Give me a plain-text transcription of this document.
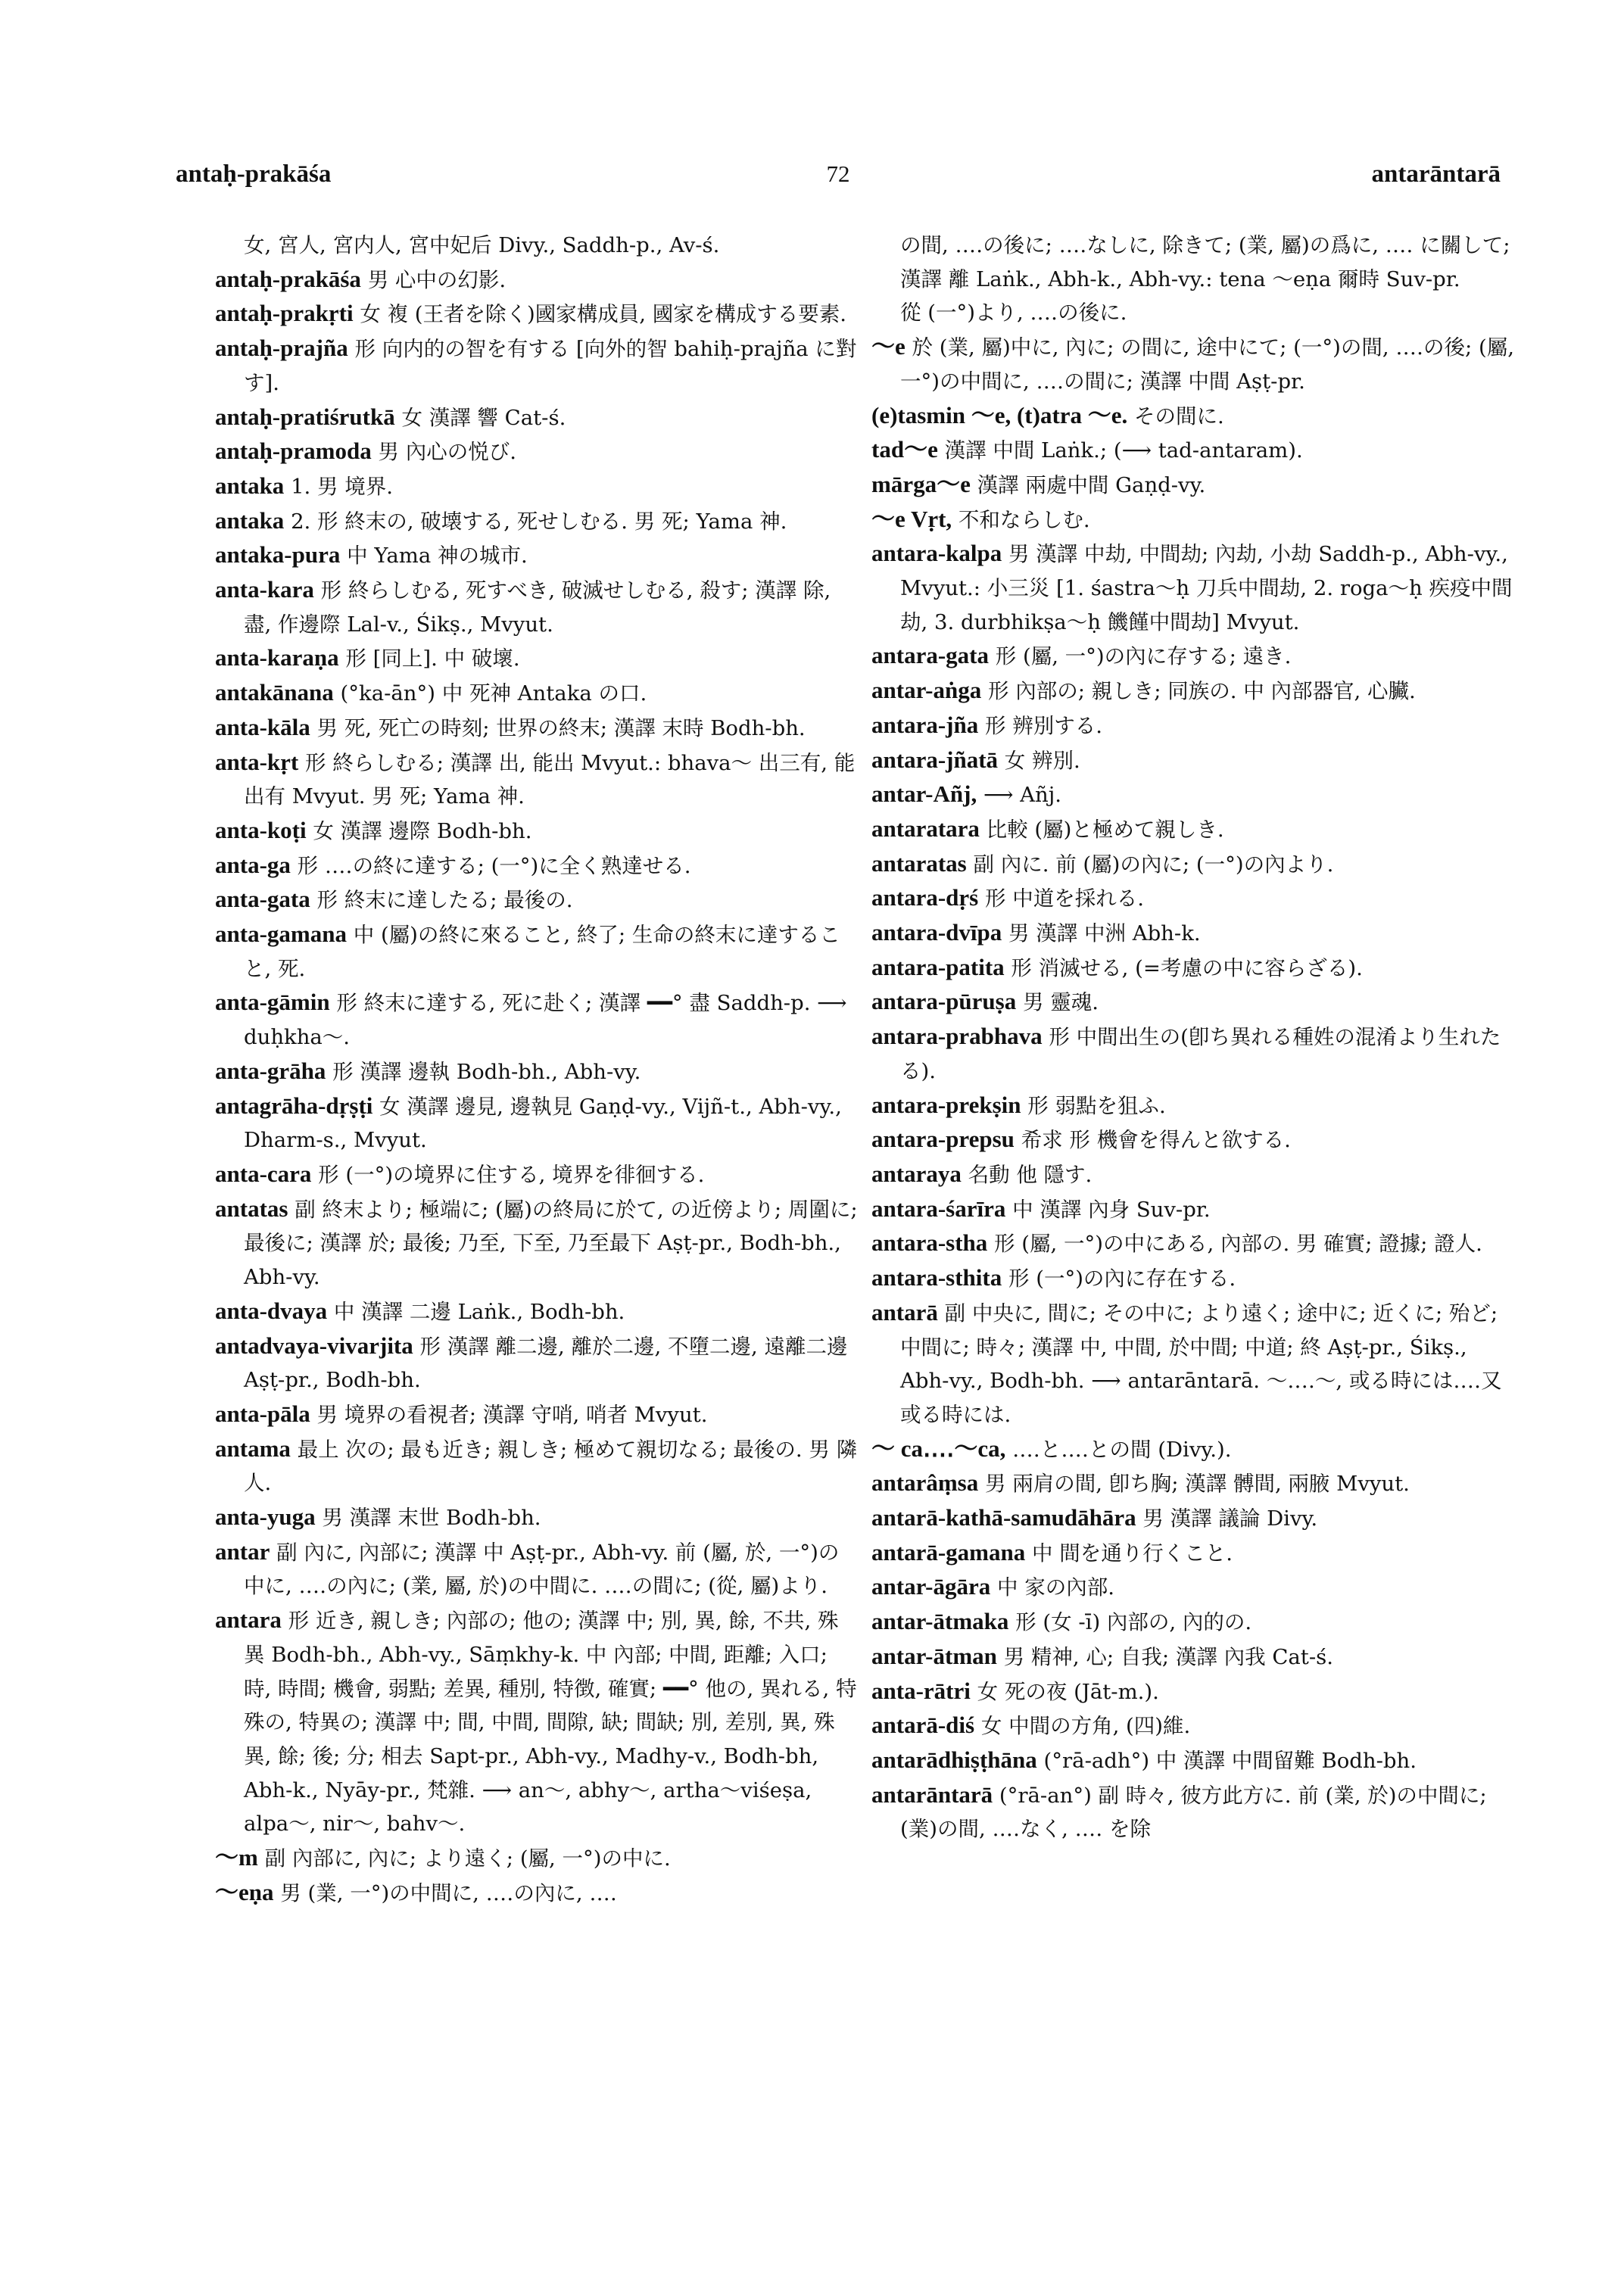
antaḥ-prakāśa	72	antarāntarā

女, 宮人, 宮内人, 宮中妃后 Divy., Saddh-p., Av-ś.

antaḥ-prakāśa 男 心中の幻影.

antaḥ-prakṛti 女 複 (王者を除く)國家構成員, 國家を構成する要素.

antaḥ-prajña 形 向内的の智を有する [向外的智 bahiḥ-prajña に對す].

antaḥ-pratiśrutkā 女 漢譯 響 Cat-ś.

antaḥ-pramoda 男 內心の悦び.

antaka 1. 男 境界.

antaka 2. 形 終末の, 破壊する, 死せしむる. 男 死; Yama 神.

antaka-pura 中 Yama 神の城市.

anta-kara 形 終らしむる, 死すべき, 破滅せしむる, 殺す; 漢譯 除, 盡, 作邊際 Lal-v., Śikṣ., Mvyut.

anta-karaṇa 形 [同上]. 中 破壞.

antakānana (°ka-ān°) 中 死神 Antaka の口.

anta-kāla 男 死, 死亡の時刻; 世界の終末; 漢譯 末時 Bodh-bh.

anta-kṛt 形 終らしむる; 漢譯 出, 能出 Mvyut.: bhava〜 出三有, 能出有 Mvyut. 男 死; Yama 神.

anta-koṭi 女 漢譯 邊際 Bodh-bh.

anta-ga 形 ‥‥の終に達する; (一°)に全く熟達せる.

anta-gata 形 終末に達したる; 最後の.

anta-gamana 中 (屬)の終に來ること, 終了; 生命の終末に達すること, 死.

anta-gāmin 形 終末に達する, 死に赴く; 漢譯 ━━° 盡 Saddh-p. ⟶ duḥkha〜.

anta-grāha 形 漢譯 邊執 Bodh-bh., Abh-vy.

antagrāha-dṛṣṭi 女 漢譯 邊見, 邊執見 Gaṇḍ-vy., Vijñ-t., Abh-vy., Dharm-s., Mvyut.

anta-cara 形 (一°)の境界に住する, 境界を徘徊する.

antatas 副 終末より; 極端に; (屬)の終局に於て, の近傍より; 周圍に; 最後に; 漢譯 於; 最後; 乃至, 下至, 乃至最下 Aṣṭ-pr., Bodh-bh., Abh-vy.

anta-dvaya 中 漢譯 二邊 Laṅk., Bodh-bh.

antadvaya-vivarjita 形 漢譯 離二邊, 離於二邊, 不墮二邊, 遠離二邊 Aṣṭ-pr., Bodh-bh.

anta-pāla 男 境界の看視者; 漢譯 守哨, 哨者 Mvyut.

antama 最上 次の; 最も近き; 親しき; 極めて親切なる; 最後の. 男 隣人.

anta-yuga 男 漢譯 末世 Bodh-bh.

antar 副 內に, 內部に; 漢譯 中 Aṣṭ-pr., Abh-vy. 前 (屬, 於, 一°)の中に, ‥‥の內に; (業, 屬, 於)の中間に. ‥‥の間に; (從, 屬)より.

antara 形 近き, 親しき; 內部の; 他の; 漢譯 中; 別, 異, 餘, 不共, 殊異 Bodh-bh., Abh-vy., Sāṃkhy-k. 中 內部; 中間, 距離; 入口; 時, 時間; 機會, 弱點; 差異, 種別, 特徴, 確實; ━━° 他の, 異れる, 特殊の, 特異の; 漢譯 中; 間, 中間, 間隙, 缺; 間缺; 別, 差別, 異, 殊異, 餘; 後; 分; 相去 Sapt-pr., Abh-vy., Madhy-v., Bodh-bh, Abh-k., Nyāy-pr., 梵雜. ⟶ an〜, abhy〜, artha〜viśeṣa, alpa〜, nir〜, bahv〜.

〜m 副 內部に, 內に; より遠く; (屬, 一°)の中に.

〜eṇa 男 (業, 一°)の中間に, ‥‥の內に, ‥‥

の間, ‥‥の後に; ‥‥なしに, 除きて; (業, 屬)の爲に, ‥‥ に關して; 漢譯 離 Laṅk., Abh-k., Abh-vy.: tena 〜eṇa 爾時 Suv-pr.

從 (一°)より, ‥‥の後に.

〜e 於 (業, 屬)中に, 內に; の間に, 途中にて; (一°)の間, ‥‥の後; (屬, 一°)の中間に, ‥‥の間に; 漢譯 中間 Aṣṭ-pr.

(e)tasmin 〜e, (t)atra 〜e. その間に.

tad〜e 漢譯 中間 Laṅk.; (⟶ tad-antaram).

mārga〜e 漢譯 兩處中間 Gaṇḍ-vy.

〜e Vṛt, 不和ならしむ.

antara-kalpa 男 漢譯 中劫, 中間劫; 內劫, 小劫 Saddh-p., Abh-vy., Mvyut.: 小三災 [1. śastra〜ḥ 刀兵中間劫, 2. roga〜ḥ 疾疫中間劫, 3. durbhikṣa〜ḥ 饑饉中間劫] Mvyut.

antara-gata 形 (屬, 一°)の內に存する; 遠き.

antar-aṅga 形 內部の; 親しき; 同族の. 中 內部器官, 心臟.

antara-jña 形 辨別する.

antara-jñatā 女 辨別.

antar-Añj, ⟶ Añj.

antaratara 比較 (屬)と極めて親しき.

antaratas 副 內に. 前 (屬)の內に; (一°)の內より.

antara-dṛś 形 中道を採れる.

antara-dvīpa 男 漢譯 中洲 Abh-k.

antara-patita 形 消滅せる, (=考慮の中に容らざる).

antara-pūruṣa 男 靈魂.

antara-prabhava 形 中間出生の(卽ち異れる種姓の混淆より生れたる).

antara-prekṣin 形 弱點を狙ふ.

antara-prepsu 希求 形 機會を得んと欲する.

antaraya 名動 他 隱す.

antara-śarīra 中 漢譯 內身 Suv-pr.

antara-stha 形 (屬, 一°)の中にある, 內部の. 男 確實; 證據; 證人.

antara-sthita 形 (一°)の內に存在する.

antarā 副 中央に, 間に; その中に; より遠く; 途中に; 近くに; 殆ど; 中間に; 時々; 漢譯 中, 中間, 於中間; 中道; 終 Aṣṭ-pr., Śikṣ., Abh-vy., Bodh-bh. ⟶ antarāntarā. 〜‥‥〜, 或る時には‥‥又或る時には.

〜 ca‥‥〜ca, ‥‥と‥‥との間 (Divy.).

antarâṃsa 男 兩肩の間, 卽ち胸; 漢譯 髆間, 兩腋 Mvyut.

antarā-kathā-samudāhāra 男 漢譯 議論 Divy.

antarā-gamana 中 間を通り行くこと.

antar-āgāra 中 家の內部.

antar-ātmaka 形 (女 -ī) 內部の, 內的の.

antar-ātman 男 精神, 心; 自我; 漢譯 內我 Cat-ś.

anta-rātri 女 死の夜 (Jāt-m.).

antarā-diś 女 中間の方角, (四)維.

antarādhiṣṭhāna (°rā-adh°) 中 漢譯 中間留難 Bodh-bh.

antarāntarā (°rā-an°) 副 時々, 彼方此方に. 前 (業, 於)の中間に; (業)の間, ‥‥なく, ‥‥ を除
